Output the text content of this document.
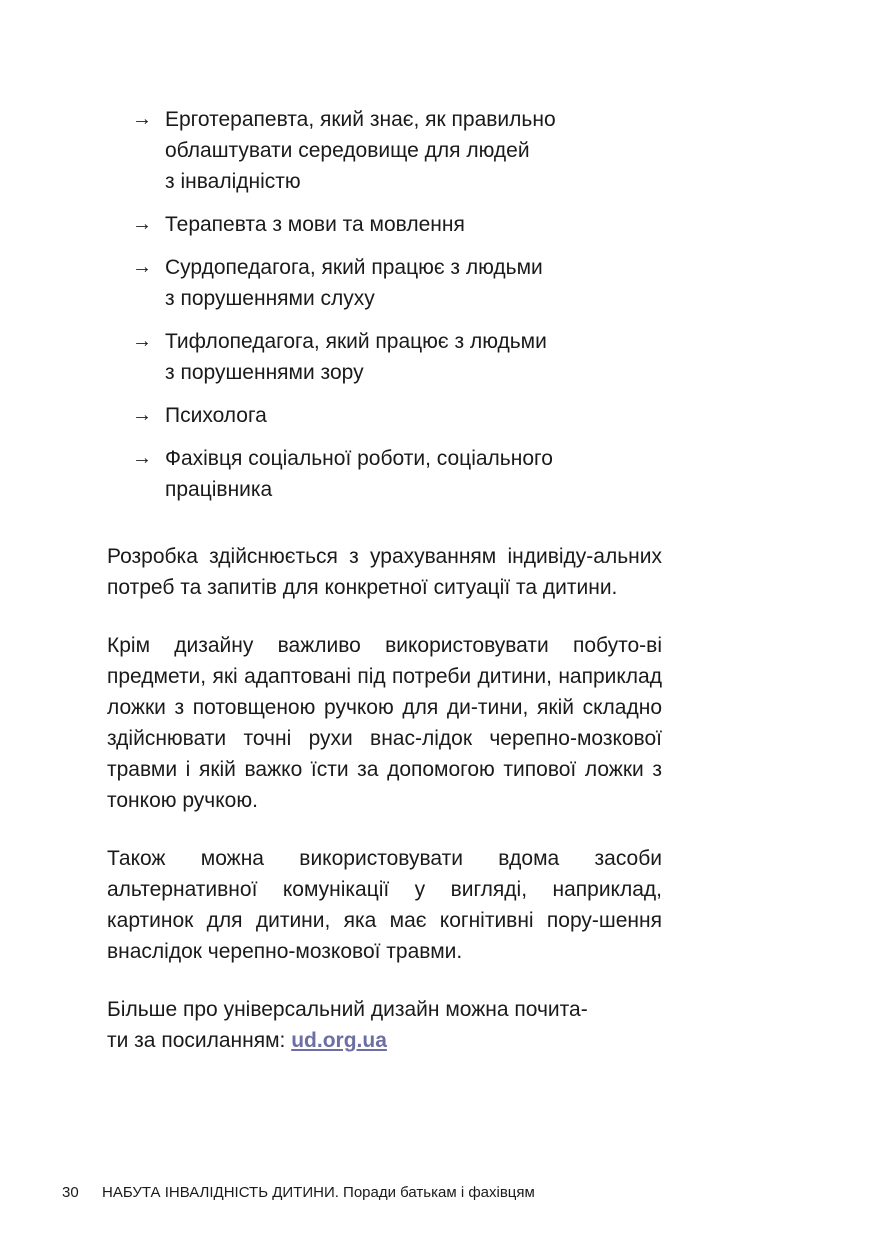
→ Ерготерапевта, який знає, як правильно
облаштувати середовище для людей
з інвалідністю
→ Терапевта з мови та мовлення
→ Сурдопедагога, який працює з людьми
з порушеннями слуху
→ Тифлопедагога, який працює з людьми
з порушеннями зору
→ Психолога
→ Фахівця соціальної роботи, соціального
працівника

Розробка здійснюється з урахуванням індивіду-альних потреб та запитів для конкретної ситуації та дитини.

Крім дизайну важливо використовувати побуто-ві предмети, які адаптовані під потреби дитини, наприклад ложки з потовщеною ручкою для ди-тини, якій складно здійснювати точні рухи внас-лідок черепно-мозкової травми і якій важко їсти за допомогою типової ложки з тонкою ручкою.

Також можна використовувати вдома засоби альтернативної комунікації у вигляді, наприклад, картинок для дитини, яка має когнітивні пору-шення внаслідок черепно-мозкової травми.

Більше про універсальний дизайн можна почита-
ти за посиланням: ud.org.ua

30 НАБУТА ІНВАЛІДНІСТЬ ДИТИНИ. Поради батькам і фахівцям
